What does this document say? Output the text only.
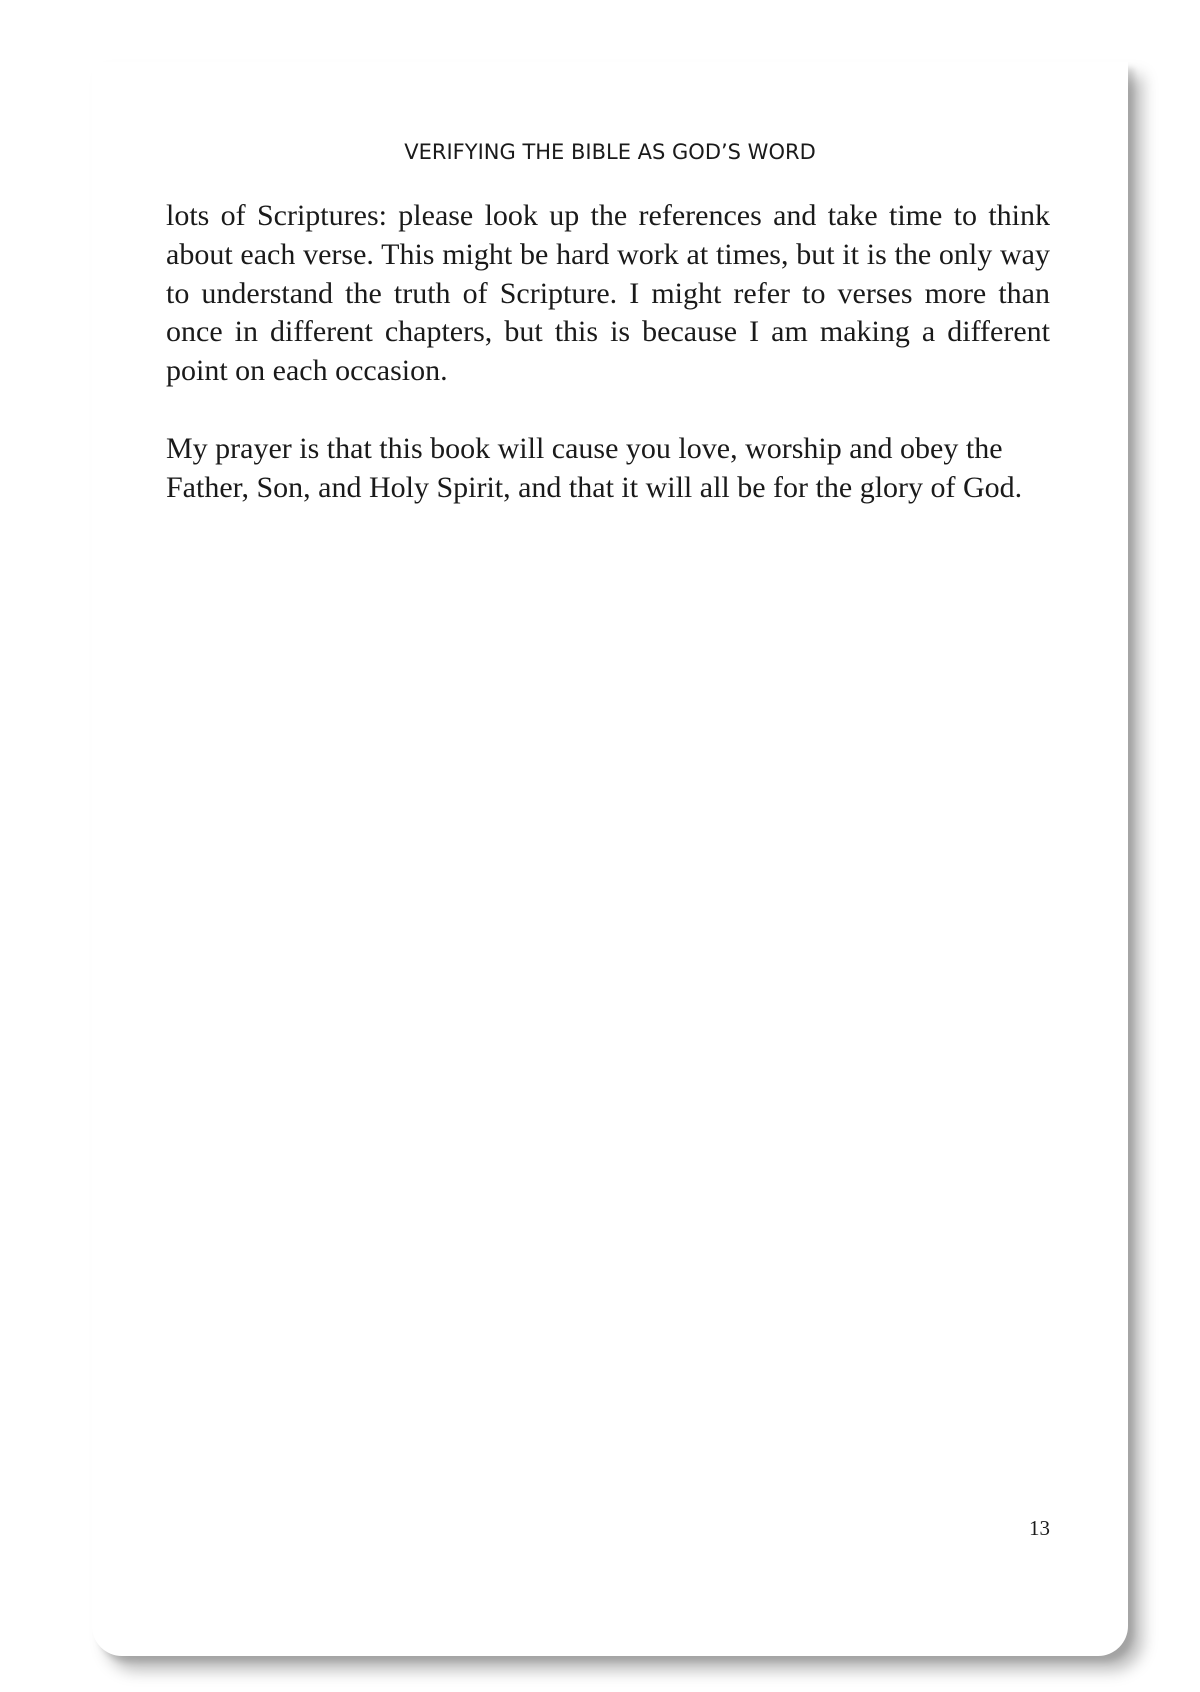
VERIFYING THE BIBLE AS GOD’S WORD

lots of Scriptures: please look up the references and take time to think about each verse. This might be hard work at times, but it is the only way to understand the truth of Scripture. I might refer to verses more than once in different chapters, but this is because I am making a different point on each occasion.

My prayer is that this book will cause you love, worship and obey the Father, Son, and Holy Spirit, and that it will all be for the glory of God.

13
